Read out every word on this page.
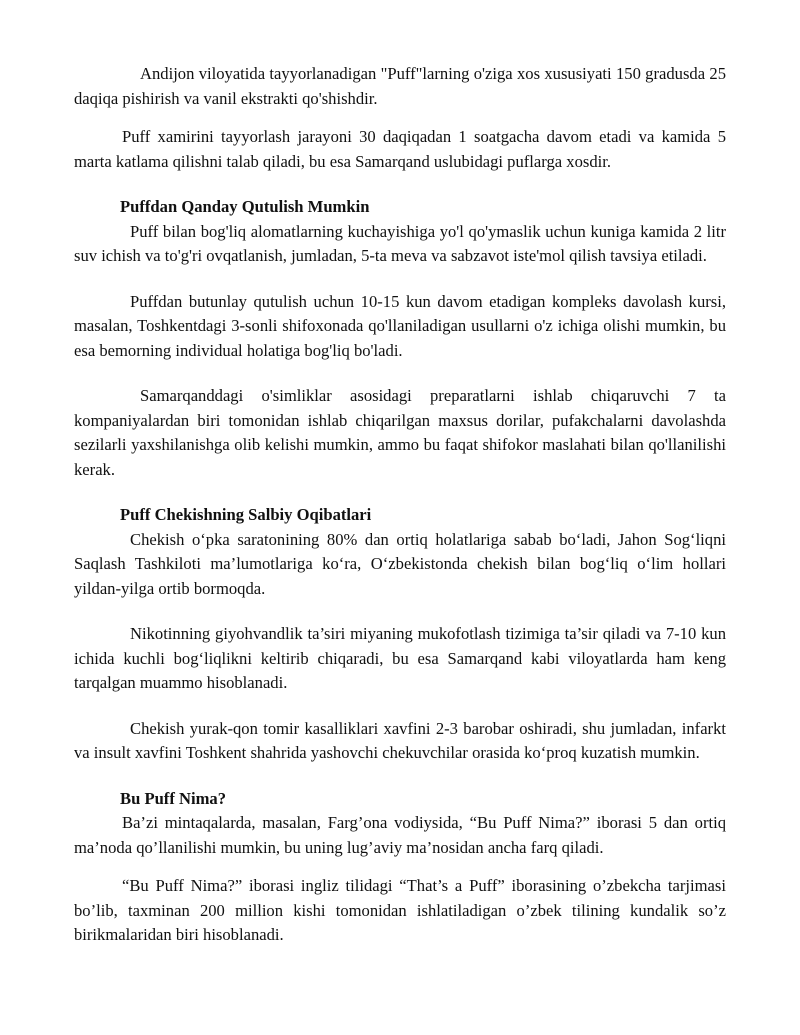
Andijon viloyatida tayyorlanadigan "Puff"larning o'ziga xos xususiyati 150 gradusda 25 daqiqa pishirish va vanil ekstrakti qo'shishdir.

Puff xamirini tayyorlash jarayoni 30 daqiqadan 1 soatgacha davom etadi va kamida 5 marta katlama qilishni talab qiladi, bu esa Samarqand uslubidagi puflarga xosdir.

Puffdan Qanday Qutulish Mumkin

Puff bilan bog'liq alomatlarning kuchayishiga yo'l qo'ymaslik uchun kuniga kamida 2 litr suv ichish va to'g'ri ovqatlanish, jumladan, 5-ta meva va sabzavot iste'mol qilish tavsiya etiladi.

Puffdan butunlay qutulish uchun 10-15 kun davom etadigan kompleks davolash kursi, masalan, Toshkentdagi 3-sonli shifoxonada qo'llaniladigan usullarni o'z ichiga olishi mumkin, bu esa bemorning individual holatiga bog'liq bo'ladi.

Samarqanddagi o'simliklar asosidagi preparatlarni ishlab chiqaruvchi 7 ta kompaniyalardan biri tomonidan ishlab chiqarilgan maxsus dorilar, pufakchalarni davolashda sezilarli yaxshilanishga olib kelishi mumkin, ammo bu faqat shifokor maslahati bilan qo'llanilishi kerak.

Puff Chekishning Salbiy Oqibatlari

Chekish o‘pka saratonining 80% dan ortiq holatlariga sabab bo‘ladi, Jahon Sog‘liqni Saqlash Tashkiloti ma’lumotlariga ko‘ra, O‘zbekistonda chekish bilan bog‘liq o‘lim hollari yildan-yilga ortib bormoqda.

Nikotinning giyohvandlik ta’siri miyaning mukofotlash tizimiga ta’sir qiladi va 7-10 kun ichida kuchli bog‘liqlikni keltirib chiqaradi, bu esa Samarqand kabi viloyatlarda ham keng tarqalgan muammo hisoblanadi.

Chekish yurak-qon tomir kasalliklari xavfini 2-3 barobar oshiradi, shu jumladan, infarkt va insult xavfini Toshkent shahrida yashovchi chekuvchilar orasida ko‘proq kuzatish mumkin.

Bu Puff Nima?

Ba’zi mintaqalarda, masalan, Farg’ona vodiysida, “Bu Puff Nima?” iborasi 5 dan ortiq ma’noda qo’llanilishi mumkin, bu uning lug’aviy ma’nosidan ancha farq qiladi.

“Bu Puff Nima?” iborasi ingliz tilidagi “That’s a Puff” iborasining o’zbekcha tarjimasi bo’lib, taxminan 200 million kishi tomonidan ishlatiladigan o’zbek tilining kundalik so’z birikmalaridan biri hisoblanadi.
